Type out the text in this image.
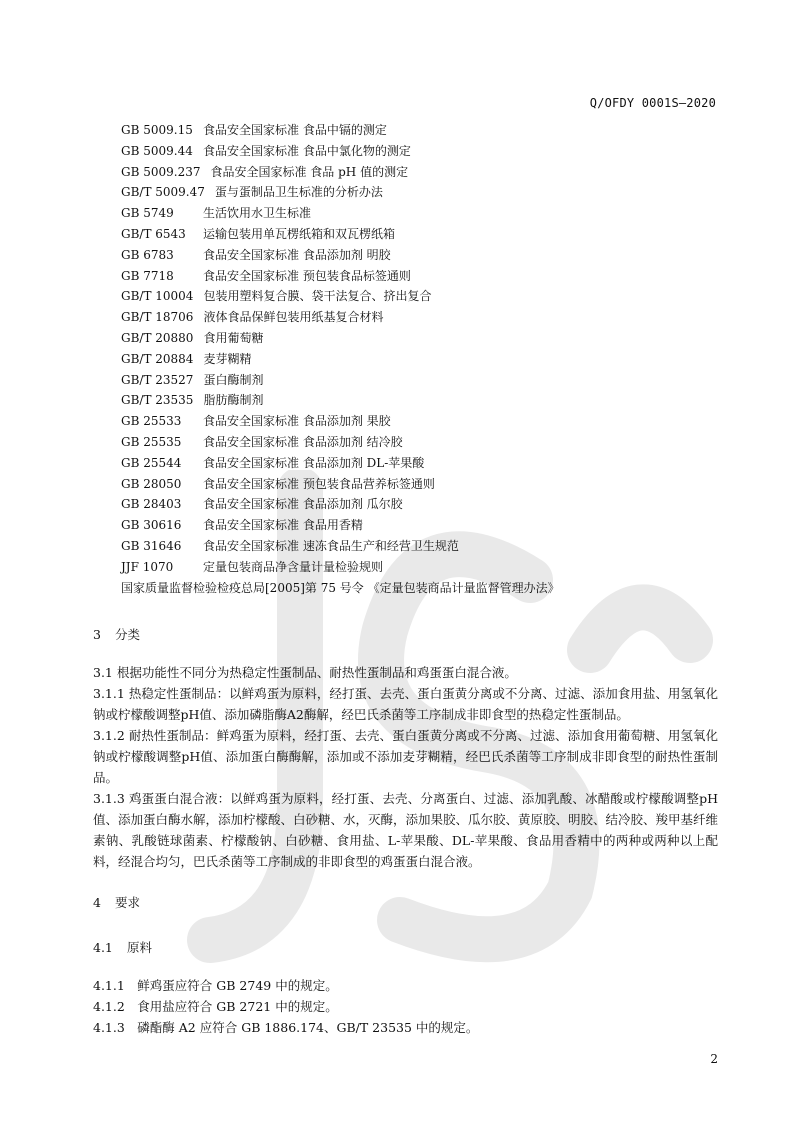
Q/OFDY 0001S—2020
GB 5009.15 食品安全国家标准 食品中镉的测定
GB 5009.44 食品安全国家标准 食品中氯化物的测定
GB 5009.237 食品安全国家标准 食品 pH 值的测定
GB/T 5009.47 蛋与蛋制品卫生标准的分析办法
GB 5749 生活饮用水卫生标准
GB/T 6543 运输包装用单瓦楞纸箱和双瓦楞纸箱
GB 6783 食品安全国家标准 食品添加剂 明胶
GB 7718 食品安全国家标准 预包装食品标签通则
GB/T 10004 包装用塑料复合膜、袋干法复合、挤出复合
GB/T 18706 液体食品保鲜包装用纸基复合材料
GB/T 20880 食用葡萄糖
GB/T 20884 麦芽糊精
GB/T 23527 蛋白酶制剂
GB/T 23535 脂肪酶制剂
GB 25533 食品安全国家标准 食品添加剂 果胶
GB 25535 食品安全国家标准 食品添加剂 结冷胶
GB 25544 食品安全国家标准 食品添加剂 DL-苹果酸
GB 28050 食品安全国家标准 预包装食品营养标签通则
GB 28403 食品安全国家标准 食品添加剂 瓜尔胶
GB 30616 食品安全国家标准 食品用香精
GB 31646 食品安全国家标准 速冻食品生产和经营卫生规范
JJF 1070 定量包装商品净含量计量检验规则
国家质量监督检验检疫总局[2005]第 75 号令 《定量包装商品计量监督管理办法》
3 分类
3.1 根据功能性不同分为热稳定性蛋制品、耐热性蛋制品和鸡蛋蛋白混合液。
3.1.1 热稳定性蛋制品：以鲜鸡蛋为原料，经打蛋、去壳、蛋白蛋黄分离或不分离、过滤、添加食用盐、用氢氧化钠或柠檬酸调整pH值、添加磷脂酶A2酶解，经巴氏杀菌等工序制成非即食型的热稳定性蛋制品。
3.1.2 耐热性蛋制品：鲜鸡蛋为原料，经打蛋、去壳、蛋白蛋黄分离或不分离、过滤、添加食用葡萄糖、用氢氧化钠或柠檬酸调整pH值、添加蛋白酶酶解，添加或不添加麦芽糊精，经巴氏杀菌等工序制成非即食型的耐热性蛋制品。
3.1.3 鸡蛋蛋白混合液：以鲜鸡蛋为原料，经打蛋、去壳、分离蛋白、过滤、添加乳酸、冰醋酸或柠檬酸调整pH值、添加蛋白酶水解，添加柠檬酸、白砂糖、水，灭酶，添加果胶、瓜尔胶、黄原胶、明胶、结冷胶、羧甲基纤维素钠、乳酸链球菌素、柠檬酸钠、白砂糖、食用盐、L-苹果酸、DL-苹果酸、食品用香精中的两种或两种以上配料，经混合均匀，巴氏杀菌等工序制成的非即食型的鸡蛋蛋白混合液。
4 要求
4.1 原料
4.1.1　鲜鸡蛋应符合 GB 2749 中的规定。
4.1.2　食用盐应符合 GB 2721 中的规定。
4.1.3　磷酯酶 A2 应符合 GB 1886.174、GB/T 23535 中的规定。
2
